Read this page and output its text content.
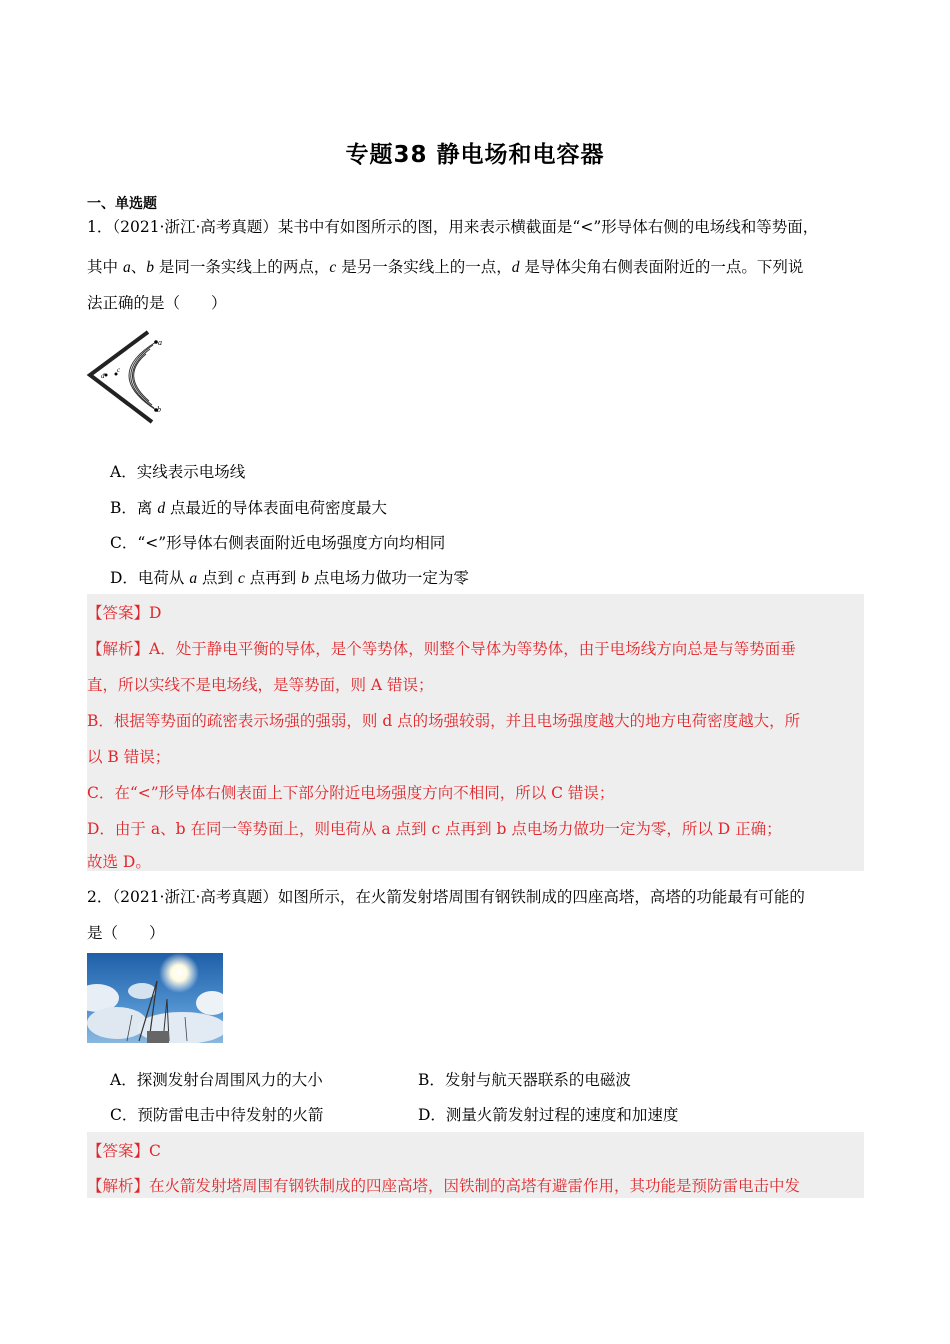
专题38 静电场和电容器
一、单选题
1．（2021·浙江·高考真题）某书中有如图所示的图，用来表示横截面是“<”形导体右侧的电场线和等势面，
其中 a、b 是同一条实线上的两点，c 是另一条实线上的一点，d 是导体尖角右侧表面附近的一点。下列说
法正确的是（　　）
a
b
c
d
A．实线表示电场线
B．离 d 点最近的导体表面电荷密度最大
C．“<”形导体右侧表面附近电场强度方向均相同
D．电荷从 a 点到 c 点再到 b 点电场力做功一定为零
【答案】D
【解析】A．处于静电平衡的导体，是个等势体，则整个导体为等势体，由于电场线方向总是与等势面垂
直，所以实线不是电场线，是等势面，则 A 错误；
B．根据等势面的疏密表示场强的强弱，则 d 点的场强较弱，并且电场强度越大的地方电荷密度越大，所
以 B 错误；
C．在“<”形导体右侧表面上下部分附近电场强度方向不相同，所以 C 错误；
D．由于 a、b 在同一等势面上，则电荷从 a 点到 c 点再到 b 点电场力做功一定为零，所以 D 正确；
故选 D。
2．（2021·浙江·高考真题）如图所示，在火箭发射塔周围有钢铁制成的四座高塔，高塔的功能最有可能的
是（　　）
A．探测发射台周围风力的大小	B．发射与航天器联系的电磁波
C．预防雷电击中待发射的火箭	D．测量火箭发射过程的速度和加速度
【答案】C
【解析】在火箭发射塔周围有钢铁制成的四座高塔，因铁制的高塔有避雷作用，其功能是预防雷电击中发
